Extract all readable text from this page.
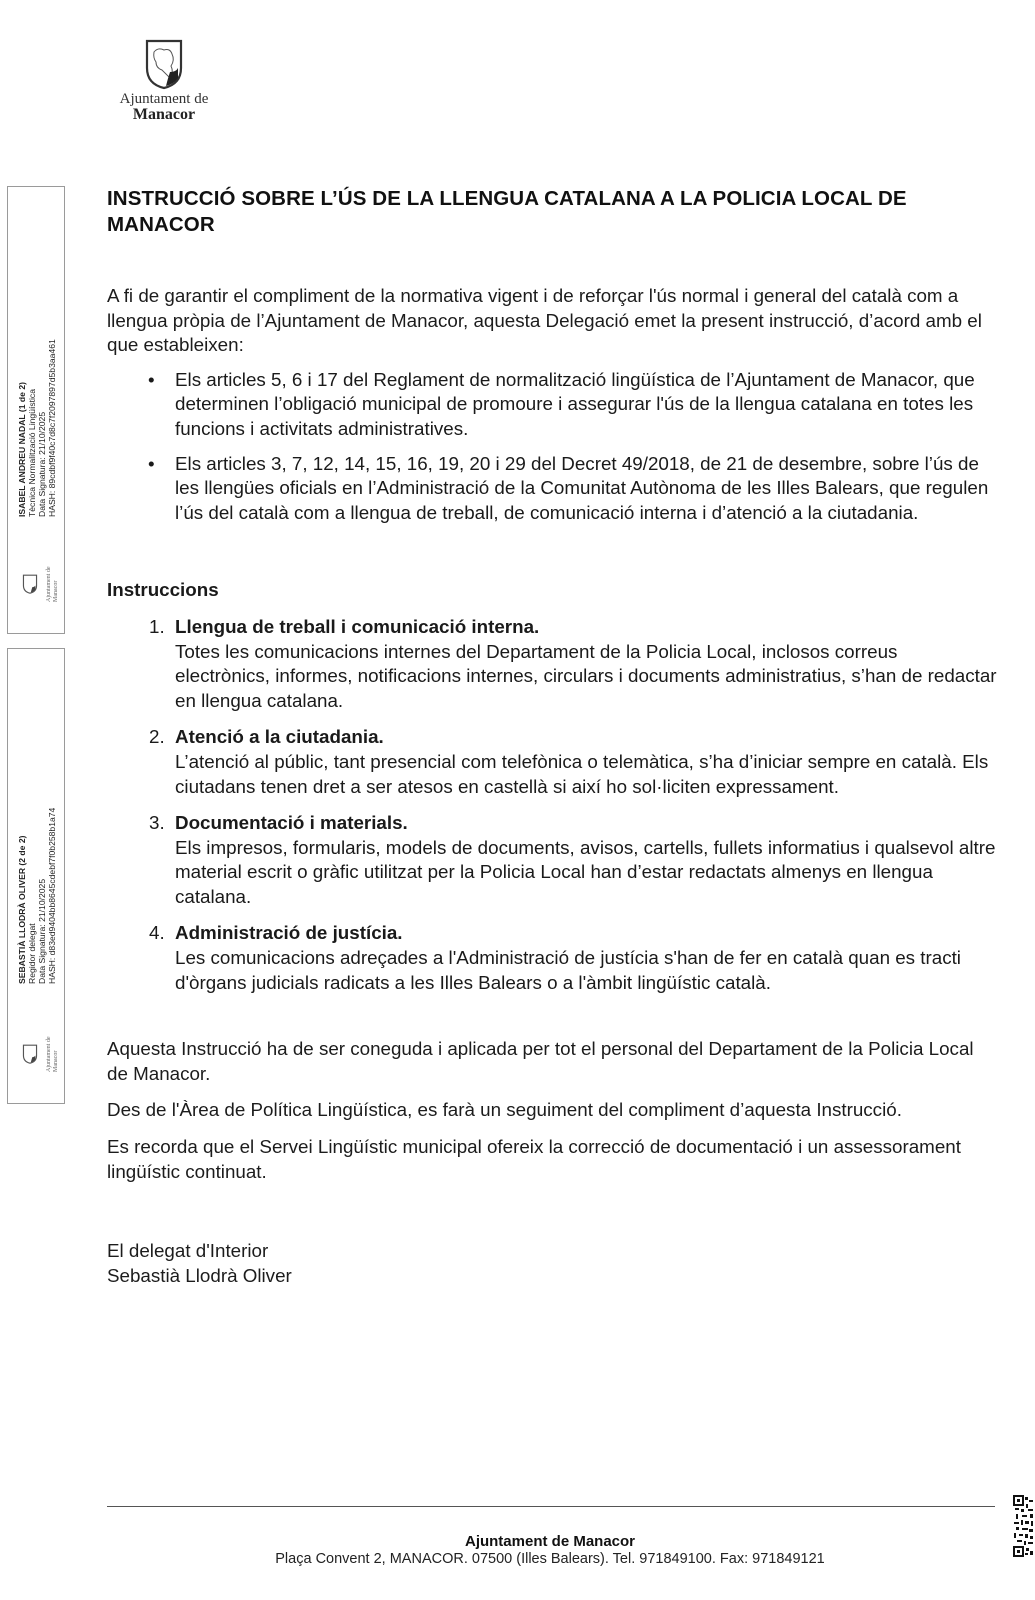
Ajuntament de
Manacor
ISABEL ANDREU NADAL (1 de 2) Tècnica Normalització Lingüística Data Signatura: 21/10/2025 HASH: 89cdbf9f40c7d8c7f2097897d5b3aa461
Ajuntament de Manacor
SEBASTIÀ LLODRÀ OLIVER (2 de 2) Regidor delegat Data Signatura: 21/10/2025 HASH: d83ed9404bb8645cdebf7f0b258b1a74
Ajuntament de Manacor
INSTRUCCIÓ SOBRE L’ÚS DE LA LLENGUA CATALANA A LA POLICIA LOCAL DE MANACOR

A fi de garantir el compliment de la normativa vigent i de reforçar l'ús normal i general del català com a llengua pròpia de l’Ajuntament de Manacor, aquesta Delegació emet la present instrucció, d’acord amb el que estableixen:

• Els articles 5, 6 i 17 del Reglament de normalització lingüística de l’Ajuntament de Manacor, que determinen l’obligació municipal de promoure i assegurar l'ús de la llengua catalana en totes les funcions i activitats administratives.
• Els articles 3, 7, 12, 14, 15, 16, 19, 20 i 29 del Decret 49/2018, de 21 de desembre, sobre l’ús de les llengües oficials en l’Administració de la Comunitat Autònoma de les Illes Balears, que regulen l’ús del català com a llengua de treball, de comunicació interna i d’atenció a la ciutadania.
Instruccions
1. Llengua de treball i comunicació interna.
Totes les comunicacions internes del Departament de la Policia Local, inclosos correus electrònics, informes, notificacions internes, circulars i documents administratius, s’han de redactar en llengua catalana.
2. Atenció a la ciutadania.
L’atenció al públic, tant presencial com telefònica o telemàtica, s’ha d’iniciar sempre en català. Els ciutadans tenen dret a ser atesos en castellà si així ho sol·liciten expressament.
3. Documentació i materials.
Els impresos, formularis, models de documents, avisos, cartells, fullets informatius i qualsevol altre material escrit o gràfic utilitzat per la Policia Local han d’estar redactats almenys en llengua catalana.
4. Administració de justícia.
Les comunicacions adreçades a l'Administració de justícia s'han de fer en català quan es tracti d'òrgans judicials radicats a les Illes Balears o a l'àmbit lingüístic català.

Aquesta Instrucció ha de ser coneguda i aplicada per tot el personal del Departament de la Policia Local de Manacor.

Des de l'Àrea de Política Lingüística, es farà un seguiment del compliment d’aquesta Instrucció.

Es recorda que el Servei Lingüístic municipal ofereix la correcció de documentació i un assessorament lingüístic continuat.

El delegat d'Interior

Sebastià Llodrà Oliver

Ajuntament de Manacor
Plaça Convent 2, MANACOR. 07500 (Illes Balears). Tel. 971849100. Fax: 971849121
